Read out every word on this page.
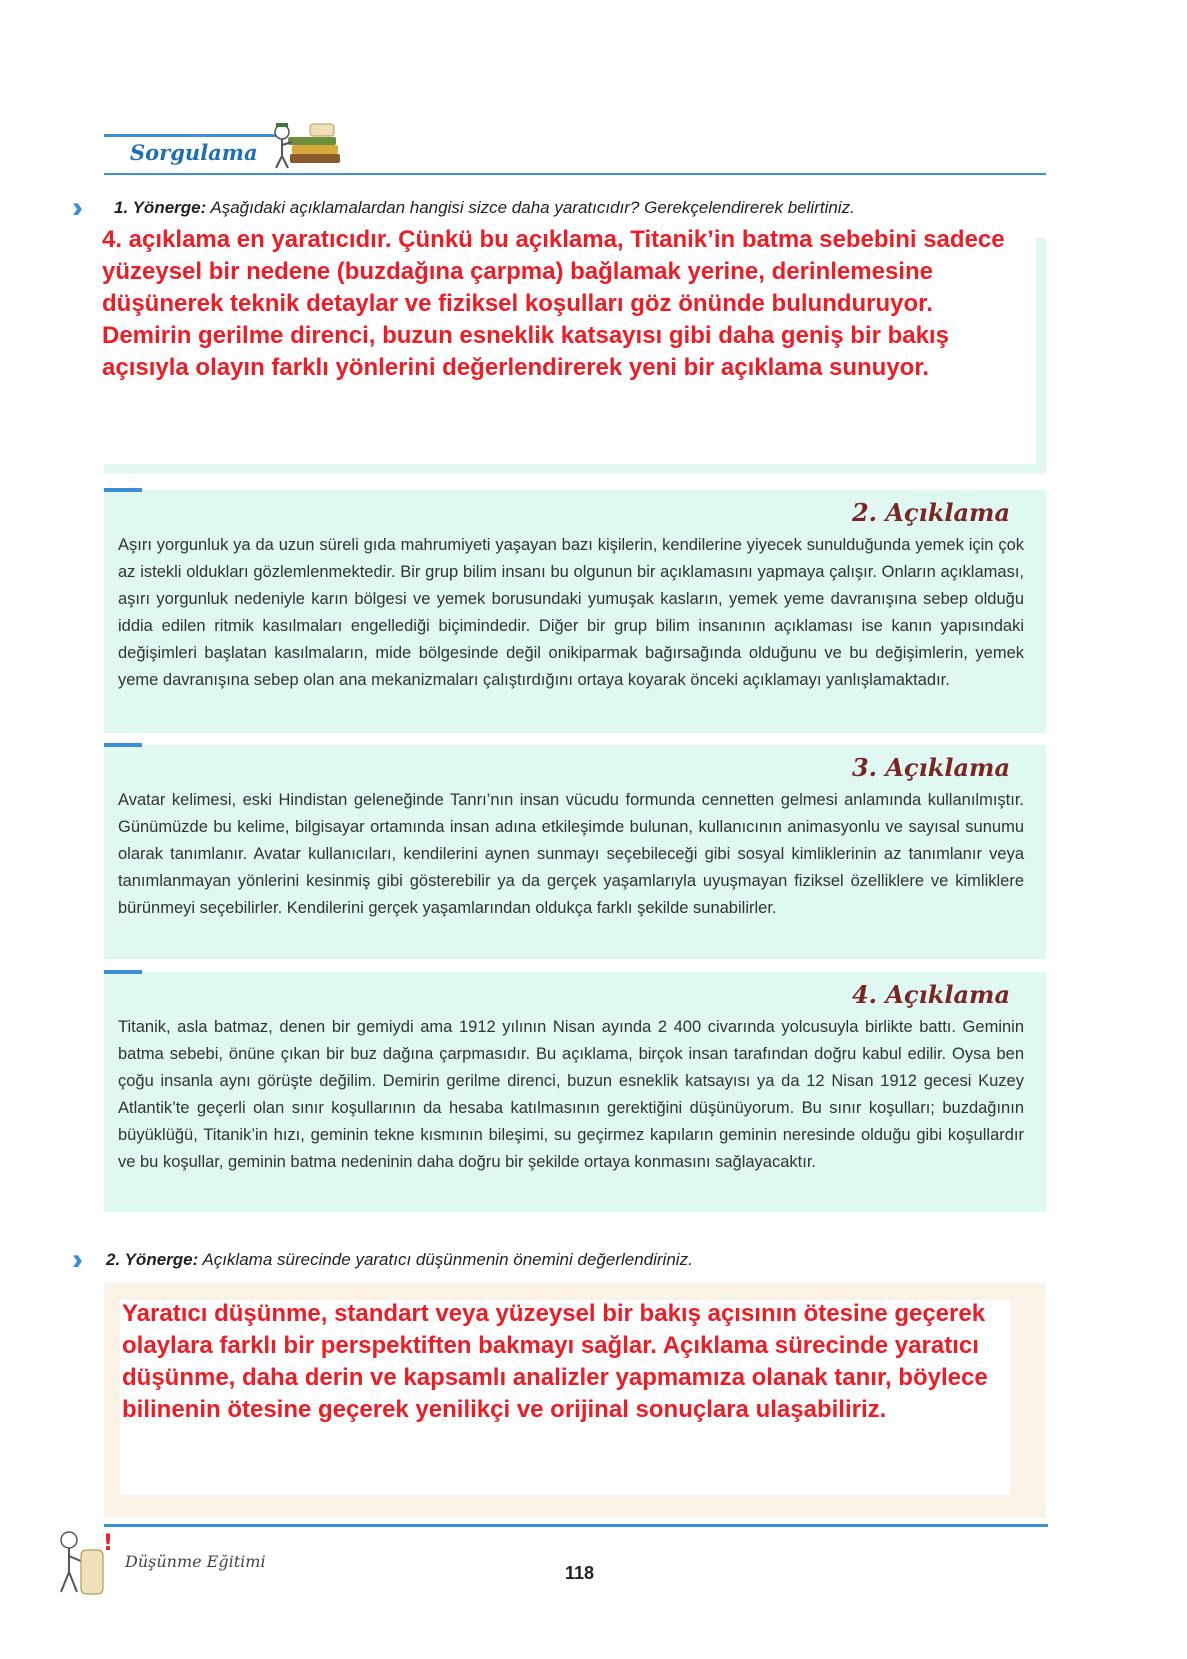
Sorgulama
›› 1. Yönerge: Aşağıdaki açıklamalardan hangisi sizce daha yaratıcıdır? Gerekçelendirerek belirtiniz.
4. açıklama en yaratıcıdır. Çünkü bu açıklama, Titanik’in batma sebebini sadece yüzeysel bir nedene (buzdağına çarpma) bağlamak yerine, derinlemesine düşünerek teknik detaylar ve fiziksel koşulları göz önünde bulunduruyor. Demirin gerilme direnci, buzun esneklik katsayısı gibi daha geniş bir bakış açısıyla olayın farklı yönlerini değerlendirerek yeni bir açıklama sunuyor.
2. Açıklama
Aşırı yorgunluk ya da uzun süreli gıda mahrumiyeti yaşayan bazı kişilerin, kendilerine yiyecek sunulduğunda yemek için çok az istekli oldukları gözlemlenmektedir. Bir grup bilim insanı bu olgunun bir açıklamasını yapmaya çalışır. Onların açıklaması, aşırı yorgunluk nedeniyle karın bölgesi ve yemek borusundaki yumuşak kasların, yemek yeme davranışına sebep olduğu iddia edilen ritmik kasılmaları engellediği biçimindedir. Diğer bir grup bilim insanının açıklaması ise kanın yapısındaki değişimleri başlatan kasılmaların, mide bölgesinde değil onikiparmak bağırsağında olduğunu ve bu değişimlerin, yemek yeme davranışına sebep olan ana mekanizmaları çalıştırdığını ortaya koyarak önceki açıklamayı yanlışlamaktadır.
3. Açıklama
Avatar kelimesi, eski Hindistan geleneğinde Tanrı’nın insan vücudu formunda cennetten gelmesi anlamında kullanılmıştır. Günümüzde bu kelime, bilgisayar ortamında insan adına etkileşimde bulunan, kullanıcının animasyonlu ve sayısal sunumu olarak tanımlanır. Avatar kullanıcıları, kendilerini aynen sunmayı seçebileceği gibi sosyal kimliklerinin az tanımlanır veya tanımlanmayan yönlerini kesinmiş gibi gösterebilir ya da gerçek yaşamlarıyla uyuşmayan fiziksel özelliklere ve kimliklere bürünmeyi seçebilirler. Kendilerini gerçek yaşamlarından oldukça farklı şekilde sunabilirler.
4. Açıklama
Titanik, asla batmaz, denen bir gemiydi ama 1912 yılının Nisan ayında 2 400 civarında yolcusuyla birlikte battı. Geminin batma sebebi, önüne çıkan bir buz dağına çarpmasıdır. Bu açıklama, birçok insan tarafından doğru kabul edilir. Oysa ben çoğu insanla aynı görüşte değilim. Demirin gerilme direnci, buzun esneklik katsayısı ya da 12 Nisan 1912 gecesi Kuzey Atlantik’te geçerli olan sınır koşullarının da hesaba katılmasının gerektiğini düşünüyorum. Bu sınır koşulları; buzdağının büyüklüğü, Titanik’in hızı, geminin tekne kısmının bileşimi, su geçirmez kapıların geminin neresinde olduğu gibi koşullardır ve bu koşullar, geminin batma nedeninin daha doğru bir şekilde ortaya konmasını sağlayacaktır.
›› 2. Yönerge: Açıklama sürecinde yaratıcı düşünmenin önemini değerlendiriniz.
Yaratıcı düşünme, standart veya yüzeysel bir bakış açısının ötesine geçerek olaylara farklı bir perspektiften bakmayı sağlar. Açıklama sürecinde yaratıcı düşünme, daha derin ve kapsamlı analizler yapmamıza olanak tanır, böylece bilinenin ötesine geçerek yenilikçi ve orijinal sonuçlara ulaşabiliriz.
!
Düşünme Eğitimi
118
